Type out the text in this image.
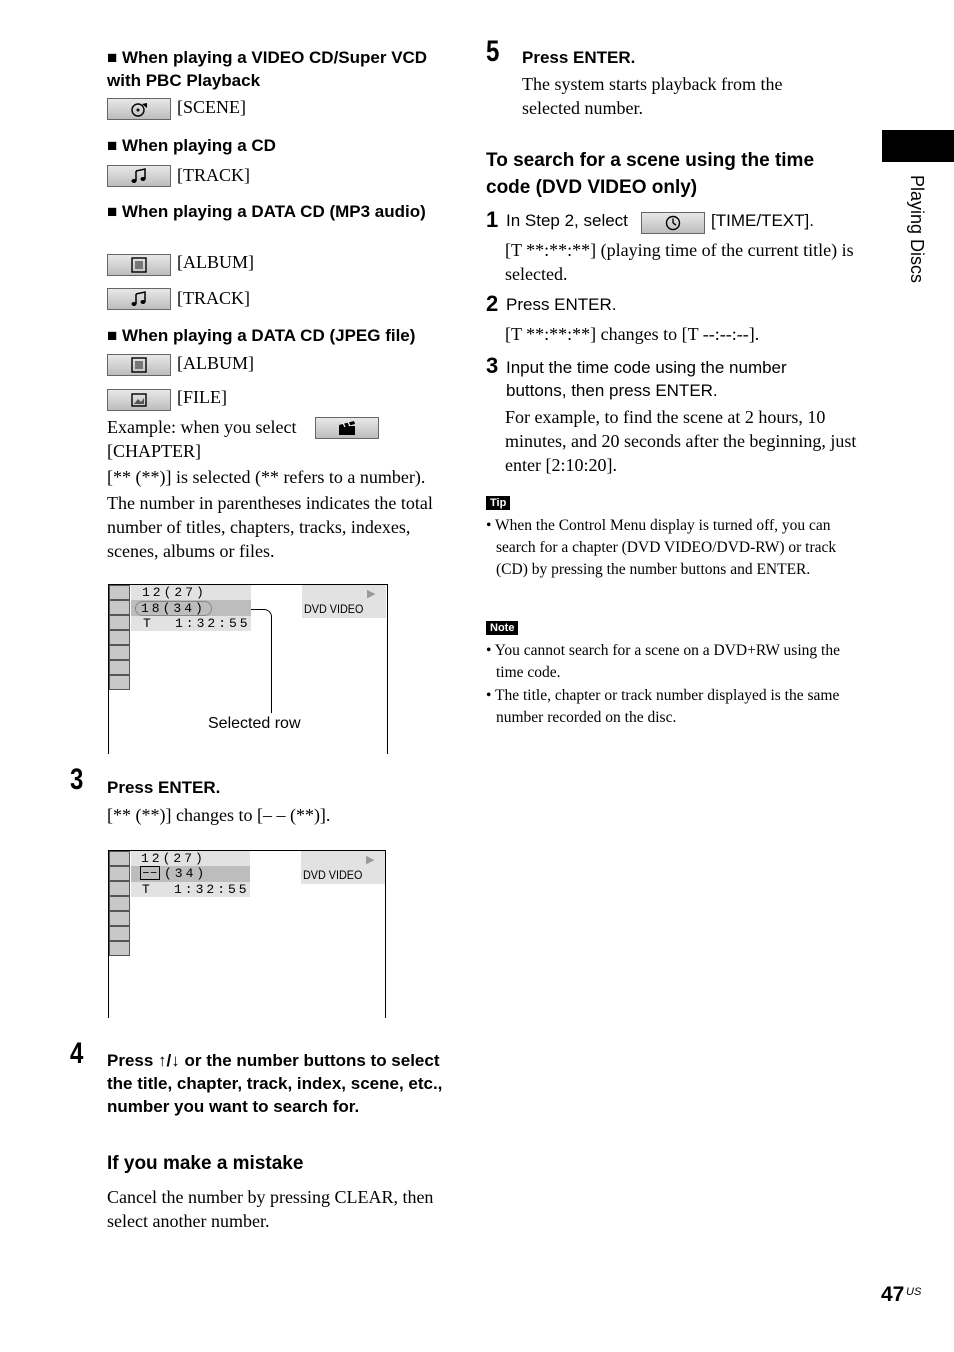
■ When playing a VIDEO CD/Super VCD with PBC Playback
[SCENE]
■ When playing a CD
[TRACK]
■ When playing a DATA CD (MP3 audio)
[ALBUM]
[TRACK]
■ When playing a DATA CD (JPEG file)
[ALBUM]
[FILE]
Example: when you select
[CHAPTER]
[** (**)] is selected (** refers to a number).
The number in parentheses indicates the total number of titles, chapters, tracks, indexes, scenes, albums or files.
12(27)
18(34)
T 1:32:55
▶
DVD VIDEO
Selected row
3 Press ENTER.
[** (**)] changes to [– – (**)].
12(27)
–– (34)
T 1:32:55
▶
DVD VIDEO
4 Press ↑/↓ or the number buttons to select the title, chapter, track, index, scene, etc., number you want to search for.
If you make a mistake
Cancel the number by pressing CLEAR, then select another number.
5 Press ENTER.
The system starts playback from the selected number.
To search for a scene using the time code (DVD VIDEO only)
1 In Step 2, select	[TIME/TEXT].
[T **:**:**] (playing time of the current title) is selected.
2 Press ENTER.
[T **:**:**] changes to [T --:--:--].
3 Input the time code using the number buttons, then press ENTER.
For example, to find the scene at 2 hours, 10 minutes, and 20 seconds after the beginning, just enter [2:10:20].
Tip
• When the Control Menu display is turned off, you can search for a chapter (DVD VIDEO/DVD-RW) or track (CD) by pressing the number buttons and ENTER.
Note
• You cannot search for a scene on a DVD+RW using the time code.
• The title, chapter or track number displayed is the same number recorded on the disc.
Playing Discs
47 US
